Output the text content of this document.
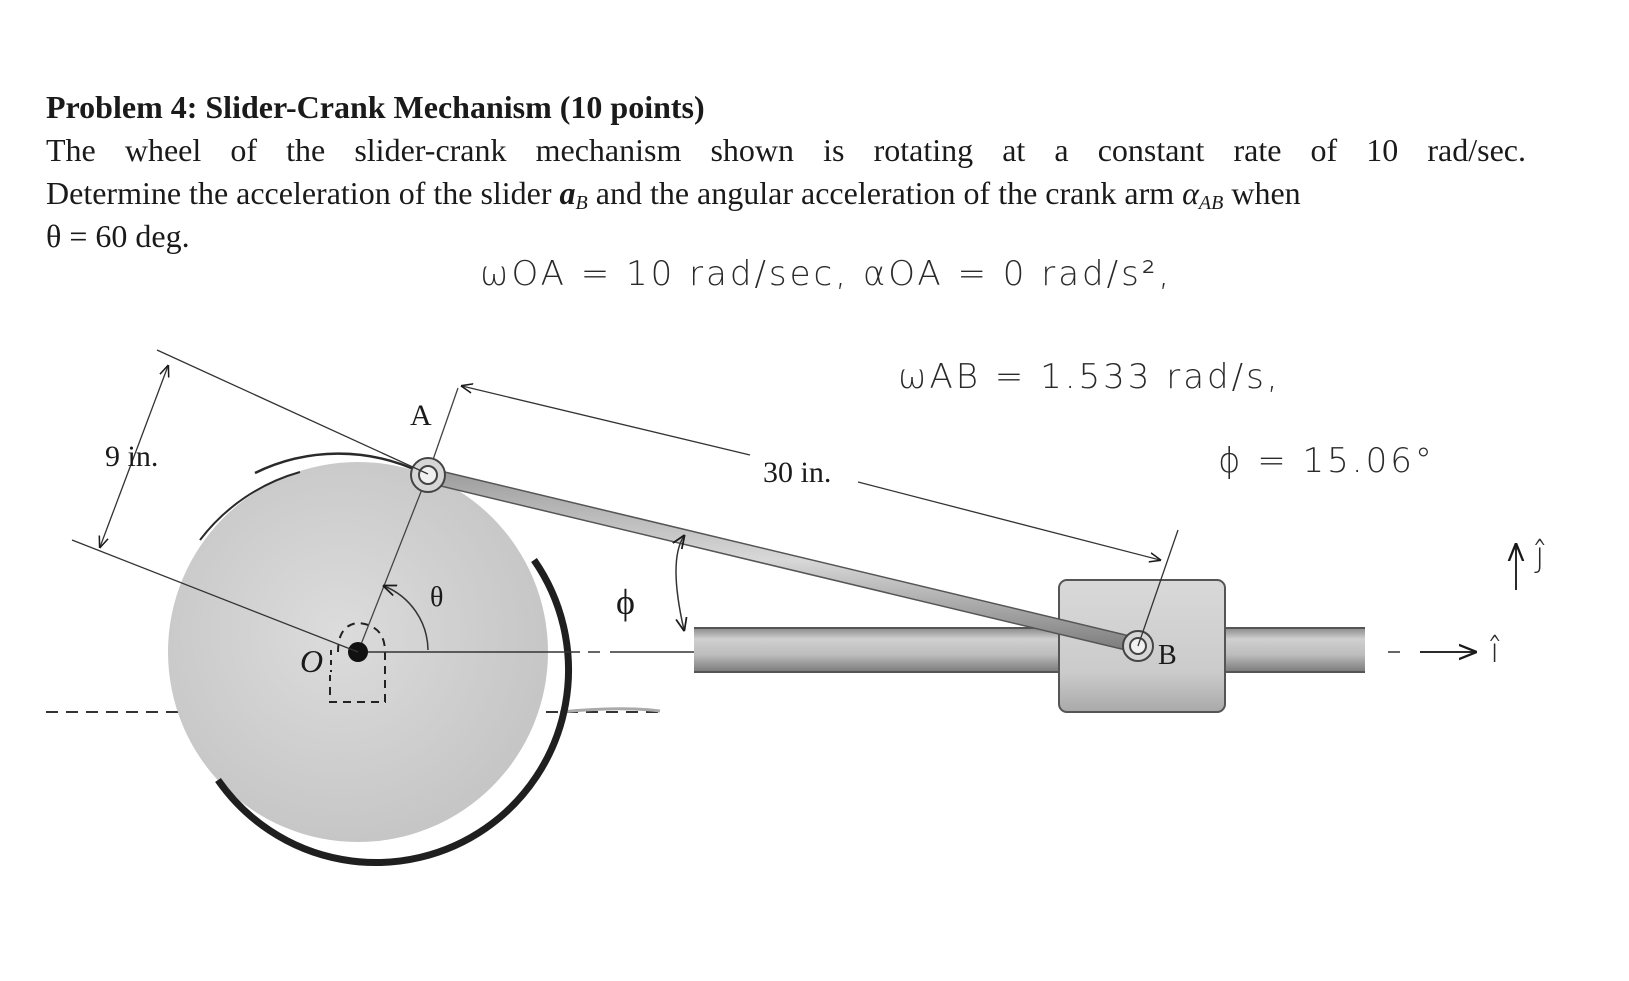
Problem 4: Slider-Crank Mechanism (10 points)
The wheel of the slider-crank mechanism shown is rotating at a constant rate of 10 rad/sec.
Determine the acceleration of the slider $a_B$ and the angular acceleration of the crank arm $\alpha_{AB}$ when
θ = 60 deg.
9 in.	30 in.
A
B
O
θ	ϕ
ωOA = 10 rad/sec, αOA = 0 rad/s²,
ωAB = 1.533 rad/s,
ϕ = 15.06°
ĵ
î
